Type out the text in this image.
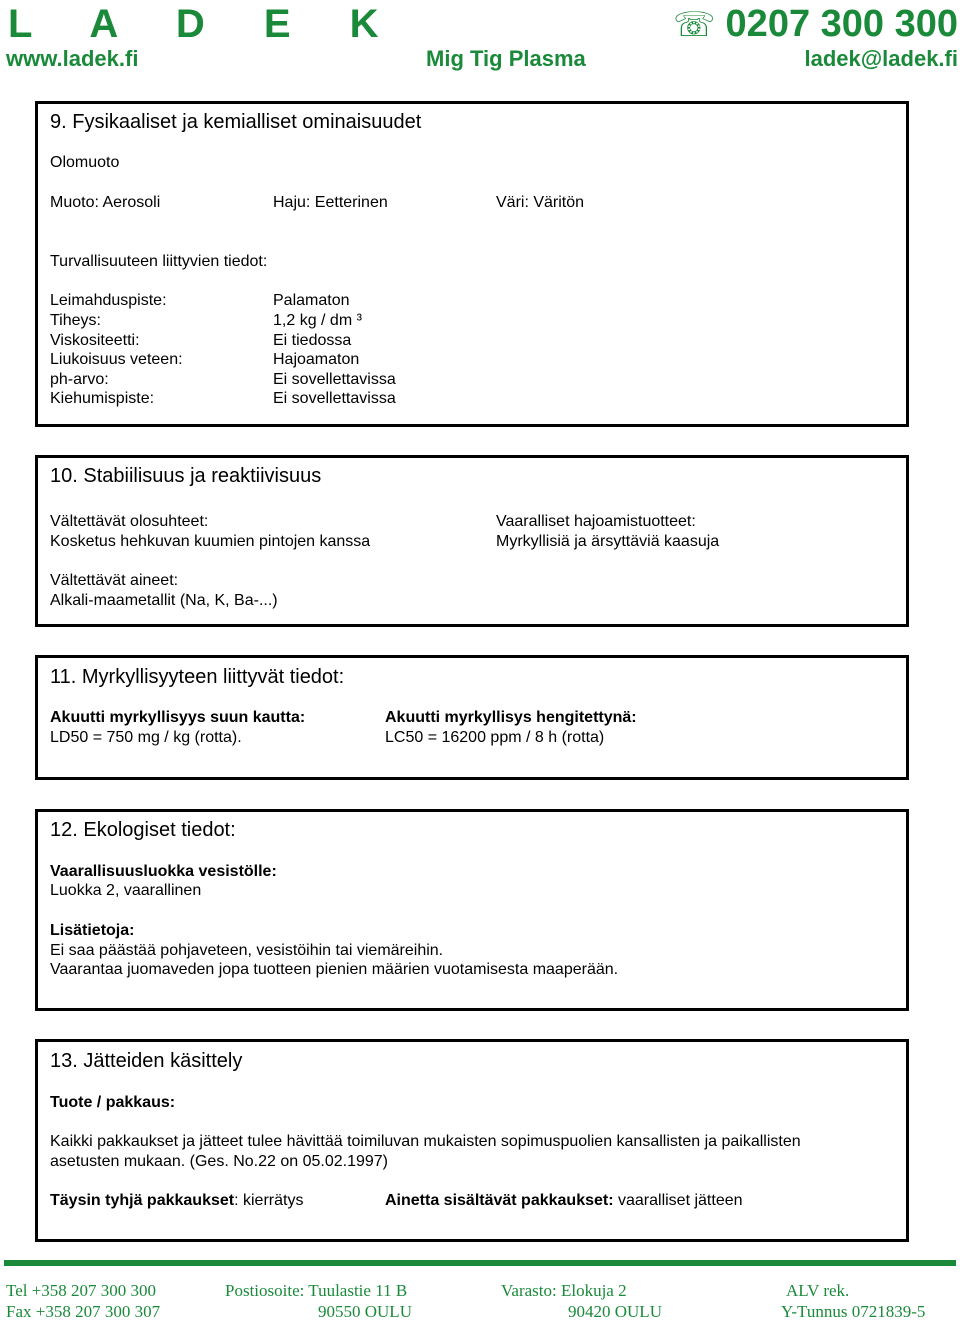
L A D E K	☏ 0207 300 300
www.ladek.fi	Mig Tig Plasma	ladek@ladek.fi
9. Fysikaaliset ja kemialliset ominaisuudet
Olomuoto
Muoto: Aerosoli	Haju: Eetterinen	Väri: Väritön
Turvallisuuteen liittyvien tiedot:
Leimahduspiste:	Palamaton
Tiheys:	1,2 kg / dm ³
Viskositeetti:	Ei tiedossa
Liukoisuus veteen:	Hajoamaton
ph-arvo:	Ei sovellettavissa
Kiehumispiste:	Ei sovellettavissa
10. Stabiilisuus ja reaktiivisuus
Vältettävät olosuhteet:
Kosketus hehkuvan kuumien pintojen kanssa
Vaaralliset hajoamistuotteet:
Myrkyllisiä ja ärsyttäviä kaasuja
Vältettävät aineet:
Alkali-maametallit (Na, K, Ba-...)
11. Myrkyllisyyteen liittyvät tiedot:
Akuutti myrkyllisyys suun kautta:
LD50 = 750 mg / kg (rotta).
Akuutti myrkyllisys hengitettynä:
LC50 = 16200 ppm / 8 h (rotta)
12. Ekologiset tiedot:
Vaarallisuusluokka vesistölle:
Luokka 2, vaarallinen
Lisätietoja:
Ei saa päästää pohjaveteen, vesistöihin tai viemäreihin.
Vaarantaa juomaveden jopa tuotteen pienien määrien vuotamisesta maaperään.
13. Jätteiden käsittely
Tuote / pakkaus:
Kaikki pakkaukset ja jätteet tulee hävittää toimiluvan mukaisten sopimuspuolien kansallisten ja paikallisten
asetusten mukaan. (Ges. No.22 on 05.02.1997)
Täysin tyhjä pakkaukset: kierrätys	Ainetta sisältävät pakkaukset: vaaralliset jätteen
Tel +358 207 300 300
Fax +358 207 300 307
Postiosoite: Tuulastie 11 B
90550 OULU
Varasto: Elokuja 2
90420 OULU
ALV rek.
Y-Tunnus 0721839-5
